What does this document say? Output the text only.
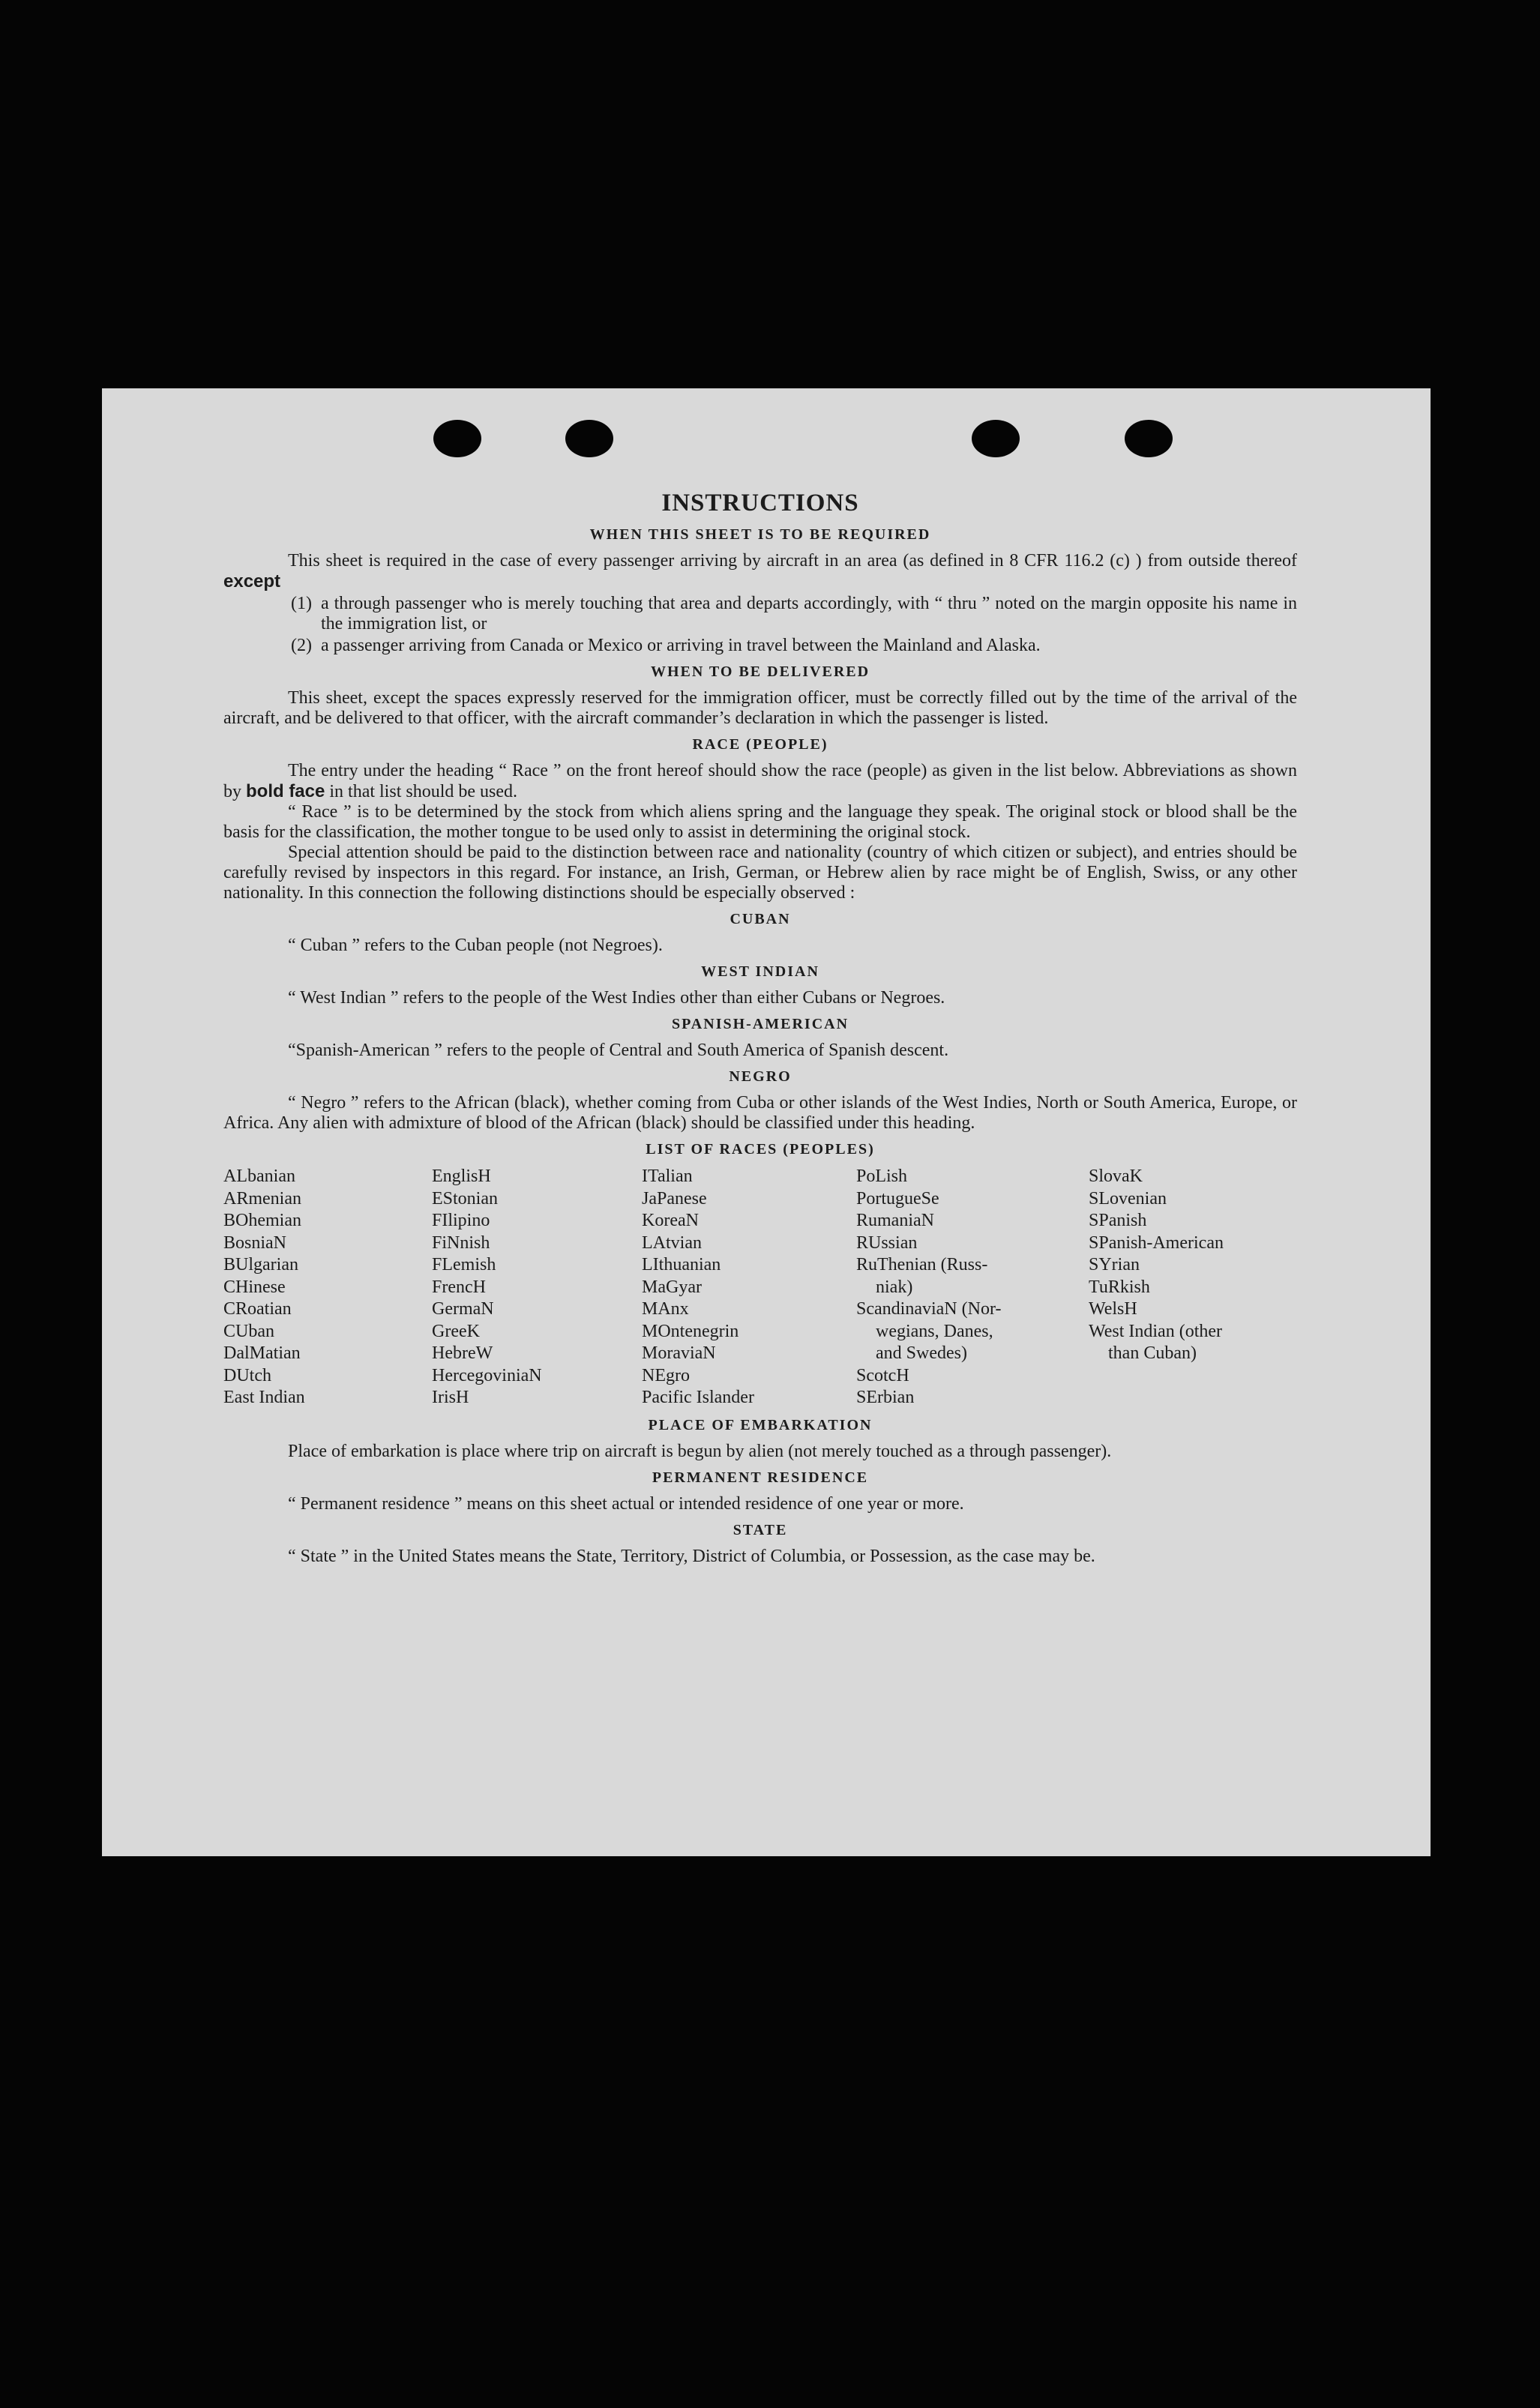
INSTRUCTIONS
WHEN THIS SHEET IS TO BE REQUIRED

This sheet is required in the case of every passenger arriving by aircraft in an area (as defined in 8 CFR 116.2 (c) ) from outside thereof except

(1) a through passenger who is merely touching that area and departs accordingly, with “ thru ” noted on the margin opposite his name in the immigration list, or
(2) a passenger arriving from Canada or Mexico or arriving in travel between the Mainland and Alaska.
WHEN TO BE DELIVERED

This sheet, except the spaces expressly reserved for the immigration officer, must be correctly filled out by the time of the arrival of the aircraft, and be delivered to that officer, with the aircraft commander’s declaration in which the passenger is listed.

RACE (PEOPLE)

The entry under the heading “ Race ” on the front hereof should show the race (people) as given in the list below. Abbreviations as shown by bold face in that list should be used.

“ Race ” is to be determined by the stock from which aliens spring and the language they speak. The original stock or blood shall be the basis for the classification, the mother tongue to be used only to assist in determining the original stock.

Special attention should be paid to the distinction between race and nationality (country of which citizen or subject), and entries should be carefully revised by inspectors in this regard. For instance, an Irish, German, or Hebrew alien by race might be of English, Swiss, or any other nationality. In this connection the following distinctions should be especially observed :

CUBAN

“ Cuban ” refers to the Cuban people (not Negroes).

WEST INDIAN

“ West Indian ” refers to the people of the West Indies other than either Cubans or Negroes.

SPANISH-AMERICAN

“Spanish-American ” refers to the people of Central and South America of Spanish descent.

NEGRO

“ Negro ” refers to the African (black), whether coming from Cuba or other islands of the West Indies, North or South America, Europe, or Africa. Any alien with admixture of blood of the African (black) should be classified under this heading.

LIST OF RACES (PEOPLES)
ALbanian
ARmenian
BOhemian
BosniaN
BUlgarian
CHinese
CRoatian
CUban
DalMatian
DUtch
East Indian
EnglisH
EStonian
FIlipino
FiNnish
FLemish
FrencH
GermaN
GreeK
HebreW
HercegoviniaN
IrisH
ITalian
JaPanese
KoreaN
LAtvian
LIthuanian
MaGyar
MAnx
MOntenegrin
MoraviaN
NEgro
Pacific Islander
PoLish
PortugueSe
RumaniaN
RUssian
RuThenian (Russ-
niak)
ScandinaviaN (Nor-
wegians, Danes,
and Swedes)
ScotcH
SErbian
SlovaK
SLovenian
SPanish
SPanish-American
SYrian
TuRkish
WelsH
West Indian (other
than Cuban)
PLACE OF EMBARKATION

Place of embarkation is place where trip on aircraft is begun by alien (not merely touched as a through passenger).

PERMANENT RESIDENCE

“ Permanent residence ” means on this sheet actual or intended residence of one year or more.

STATE

“ State ” in the United States means the State, Territory, District of Columbia, or Possession, as the case may be.
